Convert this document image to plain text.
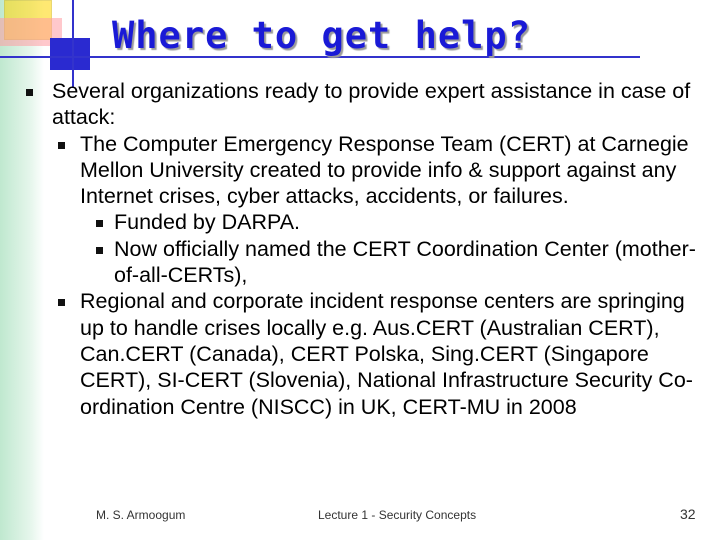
Where to get help?
Several organizations ready to provide expert assistance in case of attack:
The Computer Emergency Response Team (CERT) at Carnegie Mellon University created to provide info & support against any Internet crises, cyber attacks, accidents, or failures.
Funded by DARPA.
Now officially named the CERT Coordination Center (mother-of-all-CERTs),
Regional and corporate incident response centers are springing up to handle crises locally e.g. Aus.CERT (Australian CERT), Can.CERT (Canada), CERT Polska, Sing.CERT (Singapore CERT), SI-CERT (Slovenia), National Infrastructure Security Co-ordination Centre (NISCC) in UK, CERT-MU in 2008
M. S. Armoogum	Lecture 1 - Security Concepts	32
